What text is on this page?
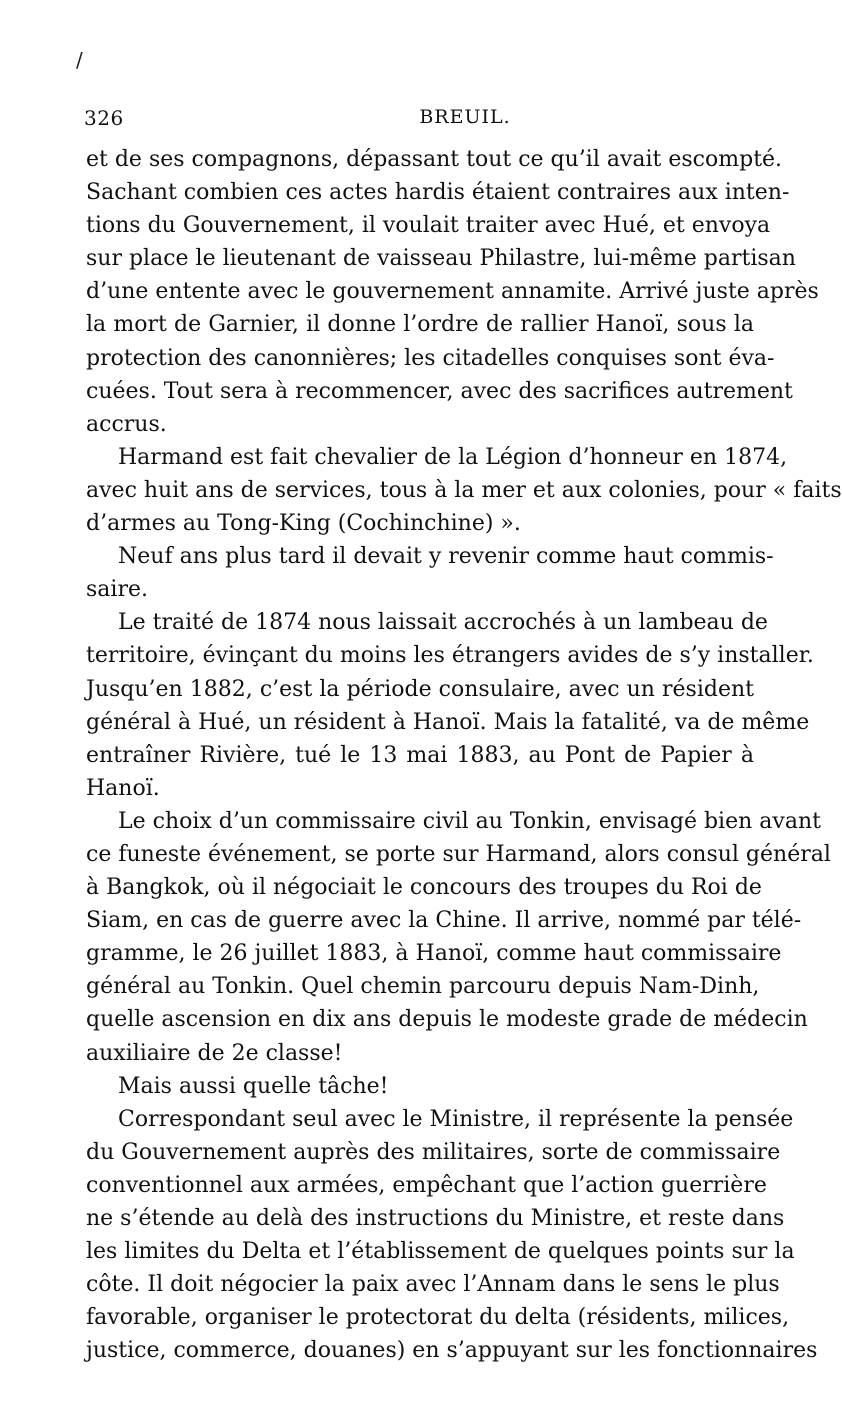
/
326	BREUIL.
et de ses compagnons, dépassant tout ce qu’il avait escompté.
Sachant combien ces actes hardis étaient contraires aux inten-
tions du Gouvernement, il voulait traiter avec Hué, et envoya
sur place le lieutenant de vaisseau Philastre, lui-même partisan
d’une entente avec le gouvernement annamite. Arrivé juste après
la mort de Garnier, il donne l’ordre de rallier Hanoï, sous la
protection des canonnières; les citadelles conquises sont éva-
cuées. Tout sera à recommencer, avec des sacrifices autrement
accrus.
Harmand est fait chevalier de la Légion d’honneur en 1874,
avec huit ans de services, tous à la mer et aux colonies, pour « faits
d’armes au Tong-King (Cochinchine) ».
Neuf ans plus tard il devait y revenir comme haut commis-
saire.
Le traité de 1874 nous laissait accrochés à un lambeau de
territoire, évinçant du moins les étrangers avides de s’y installer.
Jusqu’en 1882, c’est la période consulaire, avec un résident
général à Hué, un résident à Hanoï. Mais la fatalité, va de même
entraîner Rivière, tué le 13 mai 1883, au Pont de Papier à
Hanoï.
Le choix d’un commissaire civil au Tonkin, envisagé bien avant
ce funeste événement, se porte sur Harmand, alors consul général
à Bangkok, où il négociait le concours des troupes du Roi de
Siam, en cas de guerre avec la Chine. Il arrive, nommé par télé-
gramme, le 26 juillet 1883, à Hanoï, comme haut commissaire
général au Tonkin. Quel chemin parcouru depuis Nam-Dinh,
quelle ascension en dix ans depuis le modeste grade de médecin
auxiliaire de 2e classe!
Mais aussi quelle tâche!
Correspondant seul avec le Ministre, il représente la pensée
du Gouvernement auprès des militaires, sorte de commissaire
conventionnel aux armées, empêchant que l’action guerrière
ne s’étende au delà des instructions du Ministre, et reste dans
les limites du Delta et l’établissement de quelques points sur la
côte. Il doit négocier la paix avec l’Annam dans le sens le plus
favorable, organiser le protectorat du delta (résidents, milices,
justice, commerce, douanes) en s’appuyant sur les fonctionnaires
